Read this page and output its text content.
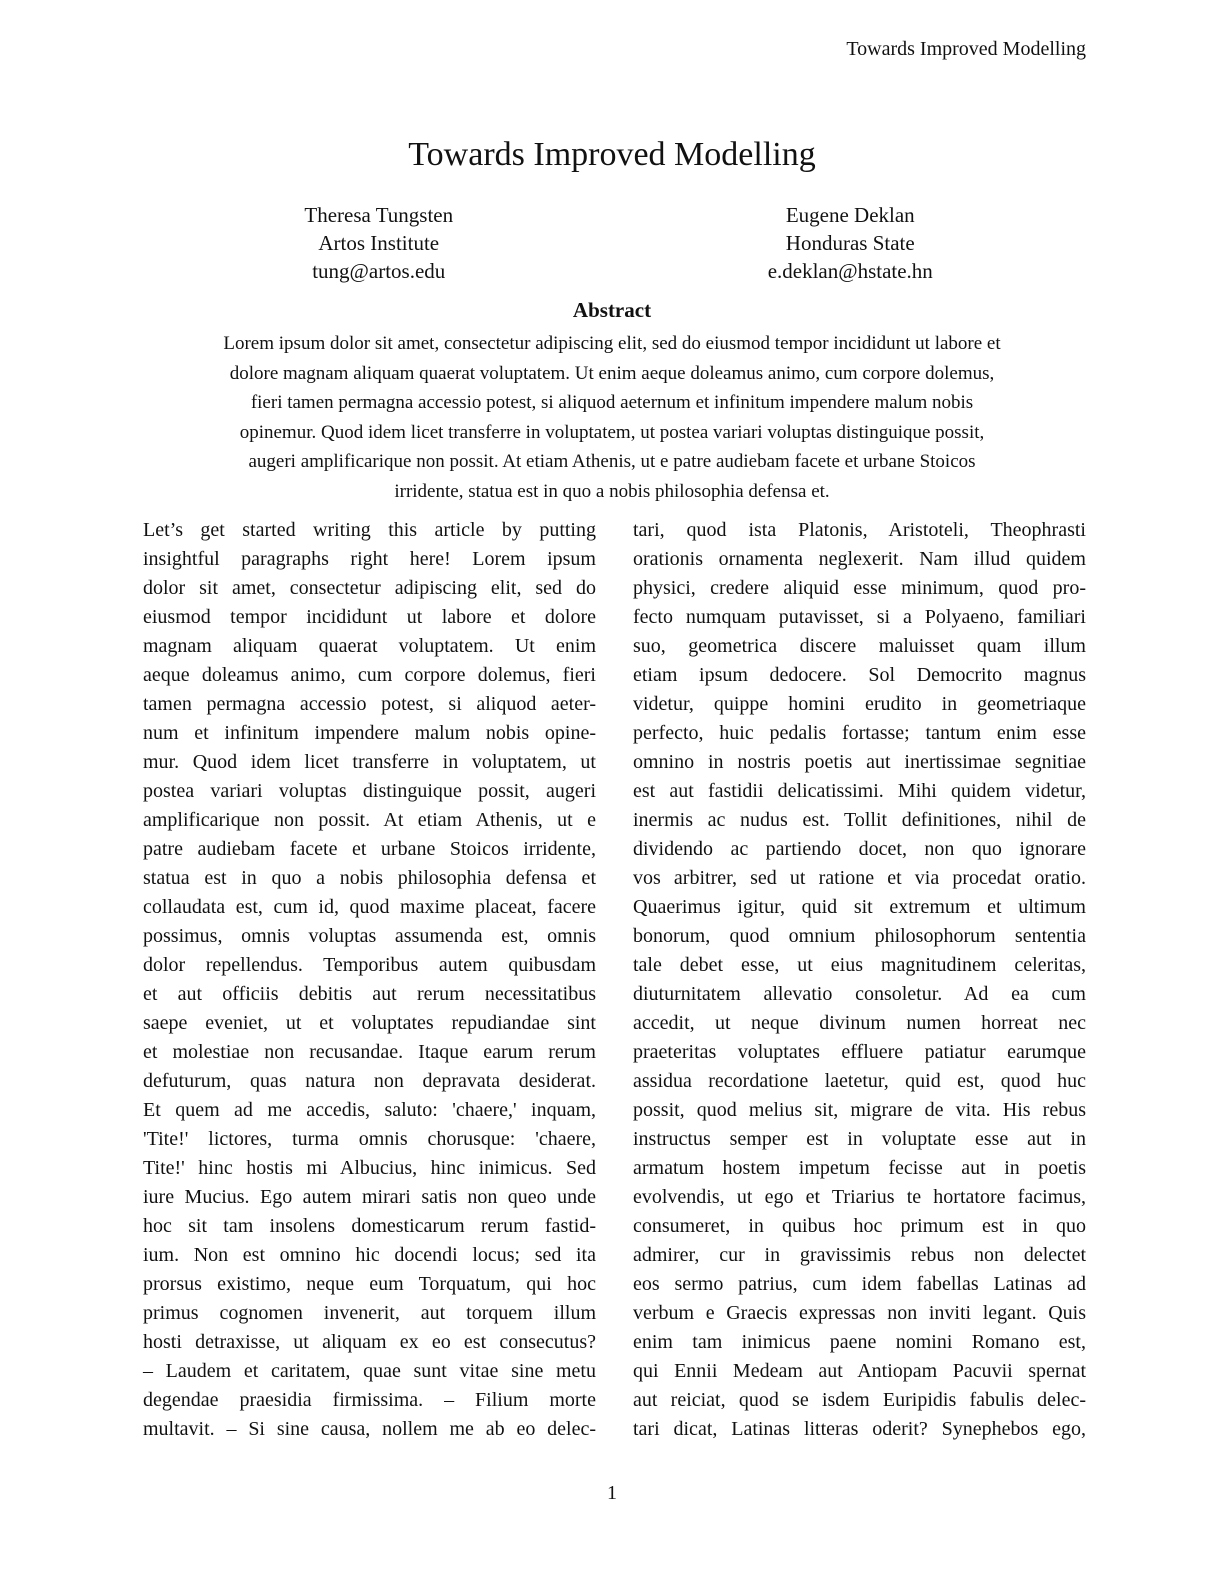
Towards Improved Modelling
Towards Improved Modelling
Theresa Tungsten
Artos Institute
tung@artos.edu
Eugene Deklan
Honduras State
e.deklan@hstate.hn
Abstract
Lorem ipsum dolor sit amet, consectetur adipiscing elit, sed do eiusmod tempor incididunt ut labore et
dolore magnam aliquam quaerat voluptatem. Ut enim aeque doleamus animo, cum corpore dolemus,
fieri tamen permagna accessio potest, si aliquod aeternum et infinitum impendere malum nobis
opinemur. Quod idem licet transferre in voluptatem, ut postea variari voluptas distinguique possit,
augeri amplificarique non possit. At etiam Athenis, ut e patre audiebam facete et urbane Stoicos
irridente, statua est in quo a nobis philosophia defensa et.
Let’s get started writing this article by putting
insightful paragraphs right here! Lorem ipsum
dolor sit amet, consectetur adipiscing elit, sed do
eiusmod tempor incididunt ut labore et dolore
magnam aliquam quaerat voluptatem. Ut enim
aeque doleamus animo, cum corpore dolemus, fieri
tamen permagna accessio potest, si aliquod aeter-
num et infinitum impendere malum nobis opine-
mur. Quod idem licet transferre in voluptatem, ut
postea variari voluptas distinguique possit, augeri
amplificarique non possit. At etiam Athenis, ut e
patre audiebam facete et urbane Stoicos irridente,
statua est in quo a nobis philosophia defensa et
collaudata est, cum id, quod maxime placeat, facere
possimus, omnis voluptas assumenda est, omnis
dolor repellendus. Temporibus autem quibusdam
et aut officiis debitis aut rerum necessitatibus
saepe eveniet, ut et voluptates repudiandae sint
et molestiae non recusandae. Itaque earum rerum
defuturum, quas natura non depravata desiderat.
Et quem ad me accedis, saluto: 'chaere,' inquam,
'Tite!' lictores, turma omnis chorusque: 'chaere,
Tite!' hinc hostis mi Albucius, hinc inimicus. Sed
iure Mucius. Ego autem mirari satis non queo unde
hoc sit tam insolens domesticarum rerum fastid-
ium. Non est omnino hic docendi locus; sed ita
prorsus existimo, neque eum Torquatum, qui hoc
primus cognomen invenerit, aut torquem illum
hosti detraxisse, ut aliquam ex eo est consecutus?
– Laudem et caritatem, quae sunt vitae sine metu
degendae praesidia firmissima. – Filium morte
multavit. – Si sine causa, nollem me ab eo delec-
tari, quod ista Platonis, Aristoteli, Theophrasti
orationis ornamenta neglexerit. Nam illud quidem
physici, credere aliquid esse minimum, quod pro-
fecto numquam putavisset, si a Polyaeno, familiari
suo, geometrica discere maluisset quam illum
etiam ipsum dedocere. Sol Democrito magnus
videtur, quippe homini erudito in geometriaque
perfecto, huic pedalis fortasse; tantum enim esse
omnino in nostris poetis aut inertissimae segnitiae
est aut fastidii delicatissimi. Mihi quidem videtur,
inermis ac nudus est. Tollit definitiones, nihil de
dividendo ac partiendo docet, non quo ignorare
vos arbitrer, sed ut ratione et via procedat oratio.
Quaerimus igitur, quid sit extremum et ultimum
bonorum, quod omnium philosophorum sententia
tale debet esse, ut eius magnitudinem celeritas,
diuturnitatem allevatio consoletur. Ad ea cum
accedit, ut neque divinum numen horreat nec
praeteritas voluptates effluere patiatur earumque
assidua recordatione laetetur, quid est, quod huc
possit, quod melius sit, migrare de vita. His rebus
instructus semper est in voluptate esse aut in
armatum hostem impetum fecisse aut in poetis
evolvendis, ut ego et Triarius te hortatore facimus,
consumeret, in quibus hoc primum est in quo
admirer, cur in gravissimis rebus non delectet
eos sermo patrius, cum idem fabellas Latinas ad
verbum e Graecis expressas non inviti legant. Quis
enim tam inimicus paene nomini Romano est,
qui Ennii Medeam aut Antiopam Pacuvii spernat
aut reiciat, quod se isdem Euripidis fabulis delec-
tari dicat, Latinas litteras oderit? Synephebos ego,
1
